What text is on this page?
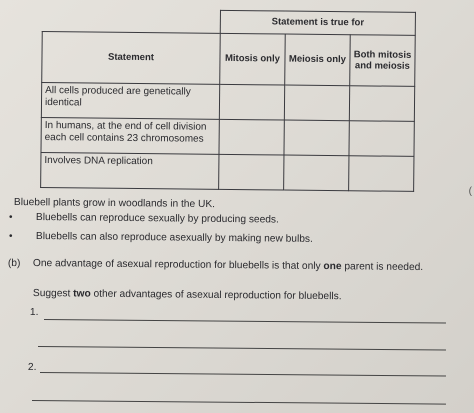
	Statement is true for		
Statement	Mitosis only	Meiosis only	Both mitosis and meiosis
All cells produced are genetically identical			
In humans, at the end of cell division each cell contains 23 chromosomes			
Involves DNA replication			
(
Bluebell plants grow in woodlands in the UK.
• Bluebells can reproduce sexually by producing seeds.
• Bluebells can also reproduce asexually by making new bulbs.
(b) One advantage of asexual reproduction for bluebells is that only one parent is needed.
Suggest two other advantages of asexual reproduction for bluebells.
1.
2.
